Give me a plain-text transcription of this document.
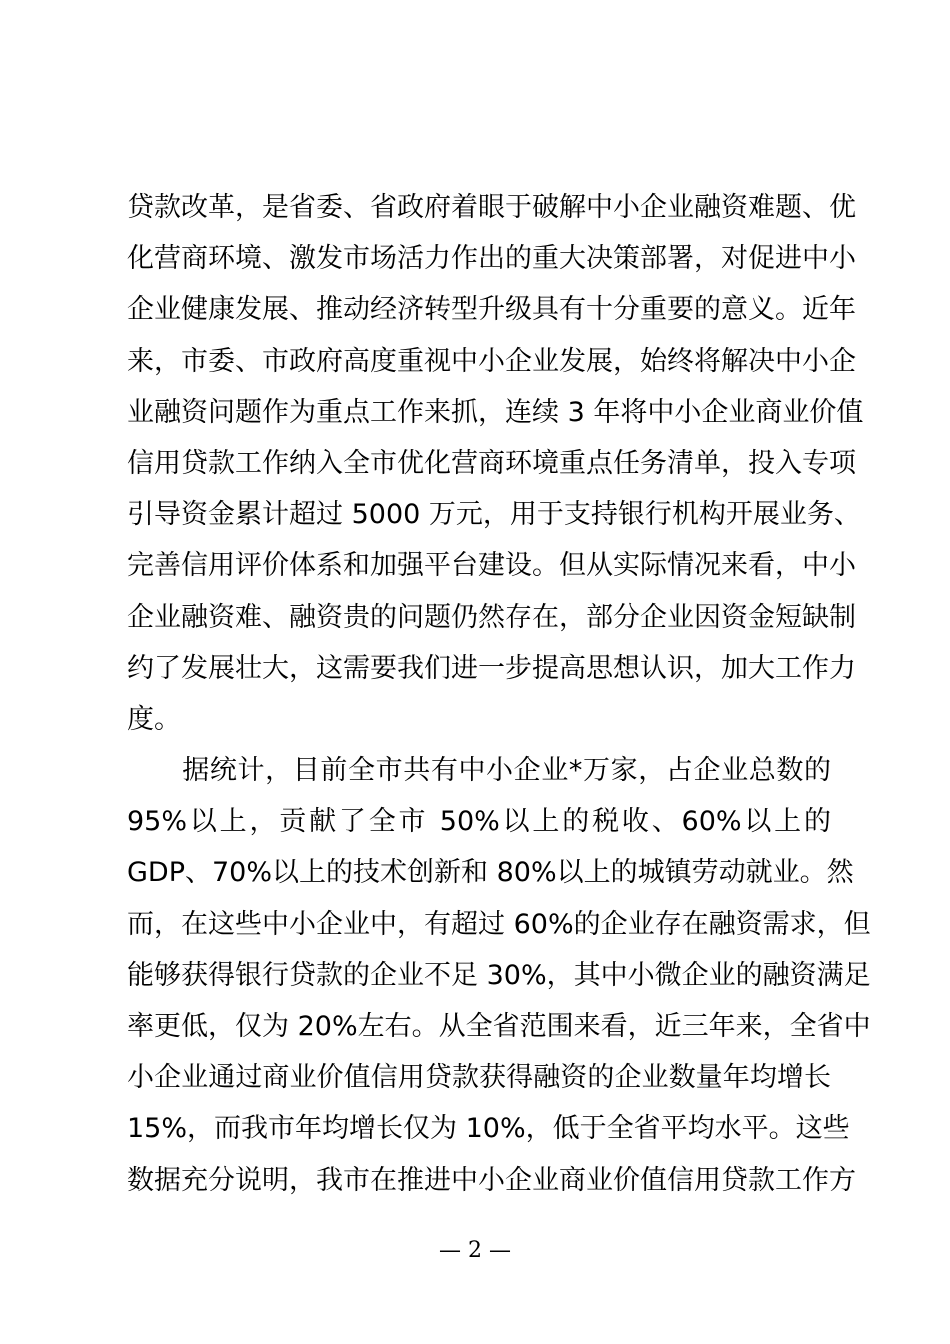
贷款改革，是省委、省政府着眼于破解中小企业融资难题、优
化营商环境、激发市场活力作出的重大决策部署，对促进中小
企业健康发展、推动经济转型升级具有十分重要的意义。近年
来，市委、市政府高度重视中小企业发展，始终将解决中小企
业融资问题作为重点工作来抓，连续 3 年将中小企业商业价值
信用贷款工作纳入全市优化营商环境重点任务清单，投入专项
引导资金累计超过 5000 万元，用于支持银行机构开展业务、
完善信用评价体系和加强平台建设。但从实际情况来看，中小
企业融资难、融资贵的问题仍然存在，部分企业因资金短缺制
约了发展壮大，这需要我们进一步提高思想认识，加大工作力
度。
　　据统计，目前全市共有中小企业*万家，占企业总数的
95%以上，贡献了全市 50%以上的税收、60%以上的
GDP、70%以上的技术创新和 80%以上的城镇劳动就业。然
而，在这些中小企业中，有超过 60%的企业存在融资需求，但
能够获得银行贷款的企业不足 30%，其中小微企业的融资满足
率更低，仅为 20%左右。从全省范围来看，近三年来，全省中
小企业通过商业价值信用贷款获得融资的企业数量年均增长
15%，而我市年均增长仅为 10%，低于全省平均水平。这些
数据充分说明，我市在推进中小企业商业价值信用贷款工作方
— 2 —
